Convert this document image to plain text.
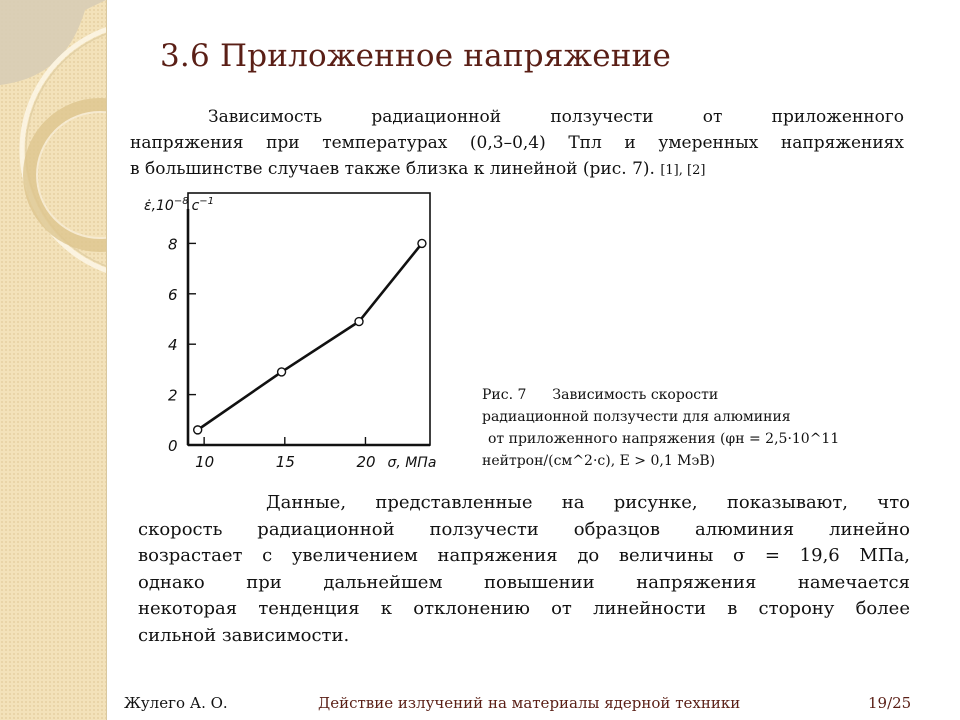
3.6 Приложенное напряжение
Зависимость радиационной ползучести от приложенного
напряжения при температурах (0,3–0,4) Тпл и умеренных напряжениях
в большинстве случаев также близка к линейной (рис. 7). [1], [2]
0
2
4
6
8
10	15	20 σ, МПа
$\varepsiloṅ,10^{-8}$ $с^{-1}$
Рис. 7 Зависимость скорости
радиационной ползучести для алюминия
от приложенного напряжения (φн = 2,5·10^11
нейтрон/(см^2·с), E > 0,1 МэВ)
Данные, представленные на рисунке, показывают, что
скорость радиационной ползучести образцов алюминия линейно
возрастает с увеличением напряжения до величины σ = 19,6 МПа,
однако при дальнейшем повышении напряжения намечается
некоторая тенденция к отклонению от линейности в сторону более
сильной зависимости.
Жулего А. О.	Действие излучений на материалы ядерной техники	19/25
